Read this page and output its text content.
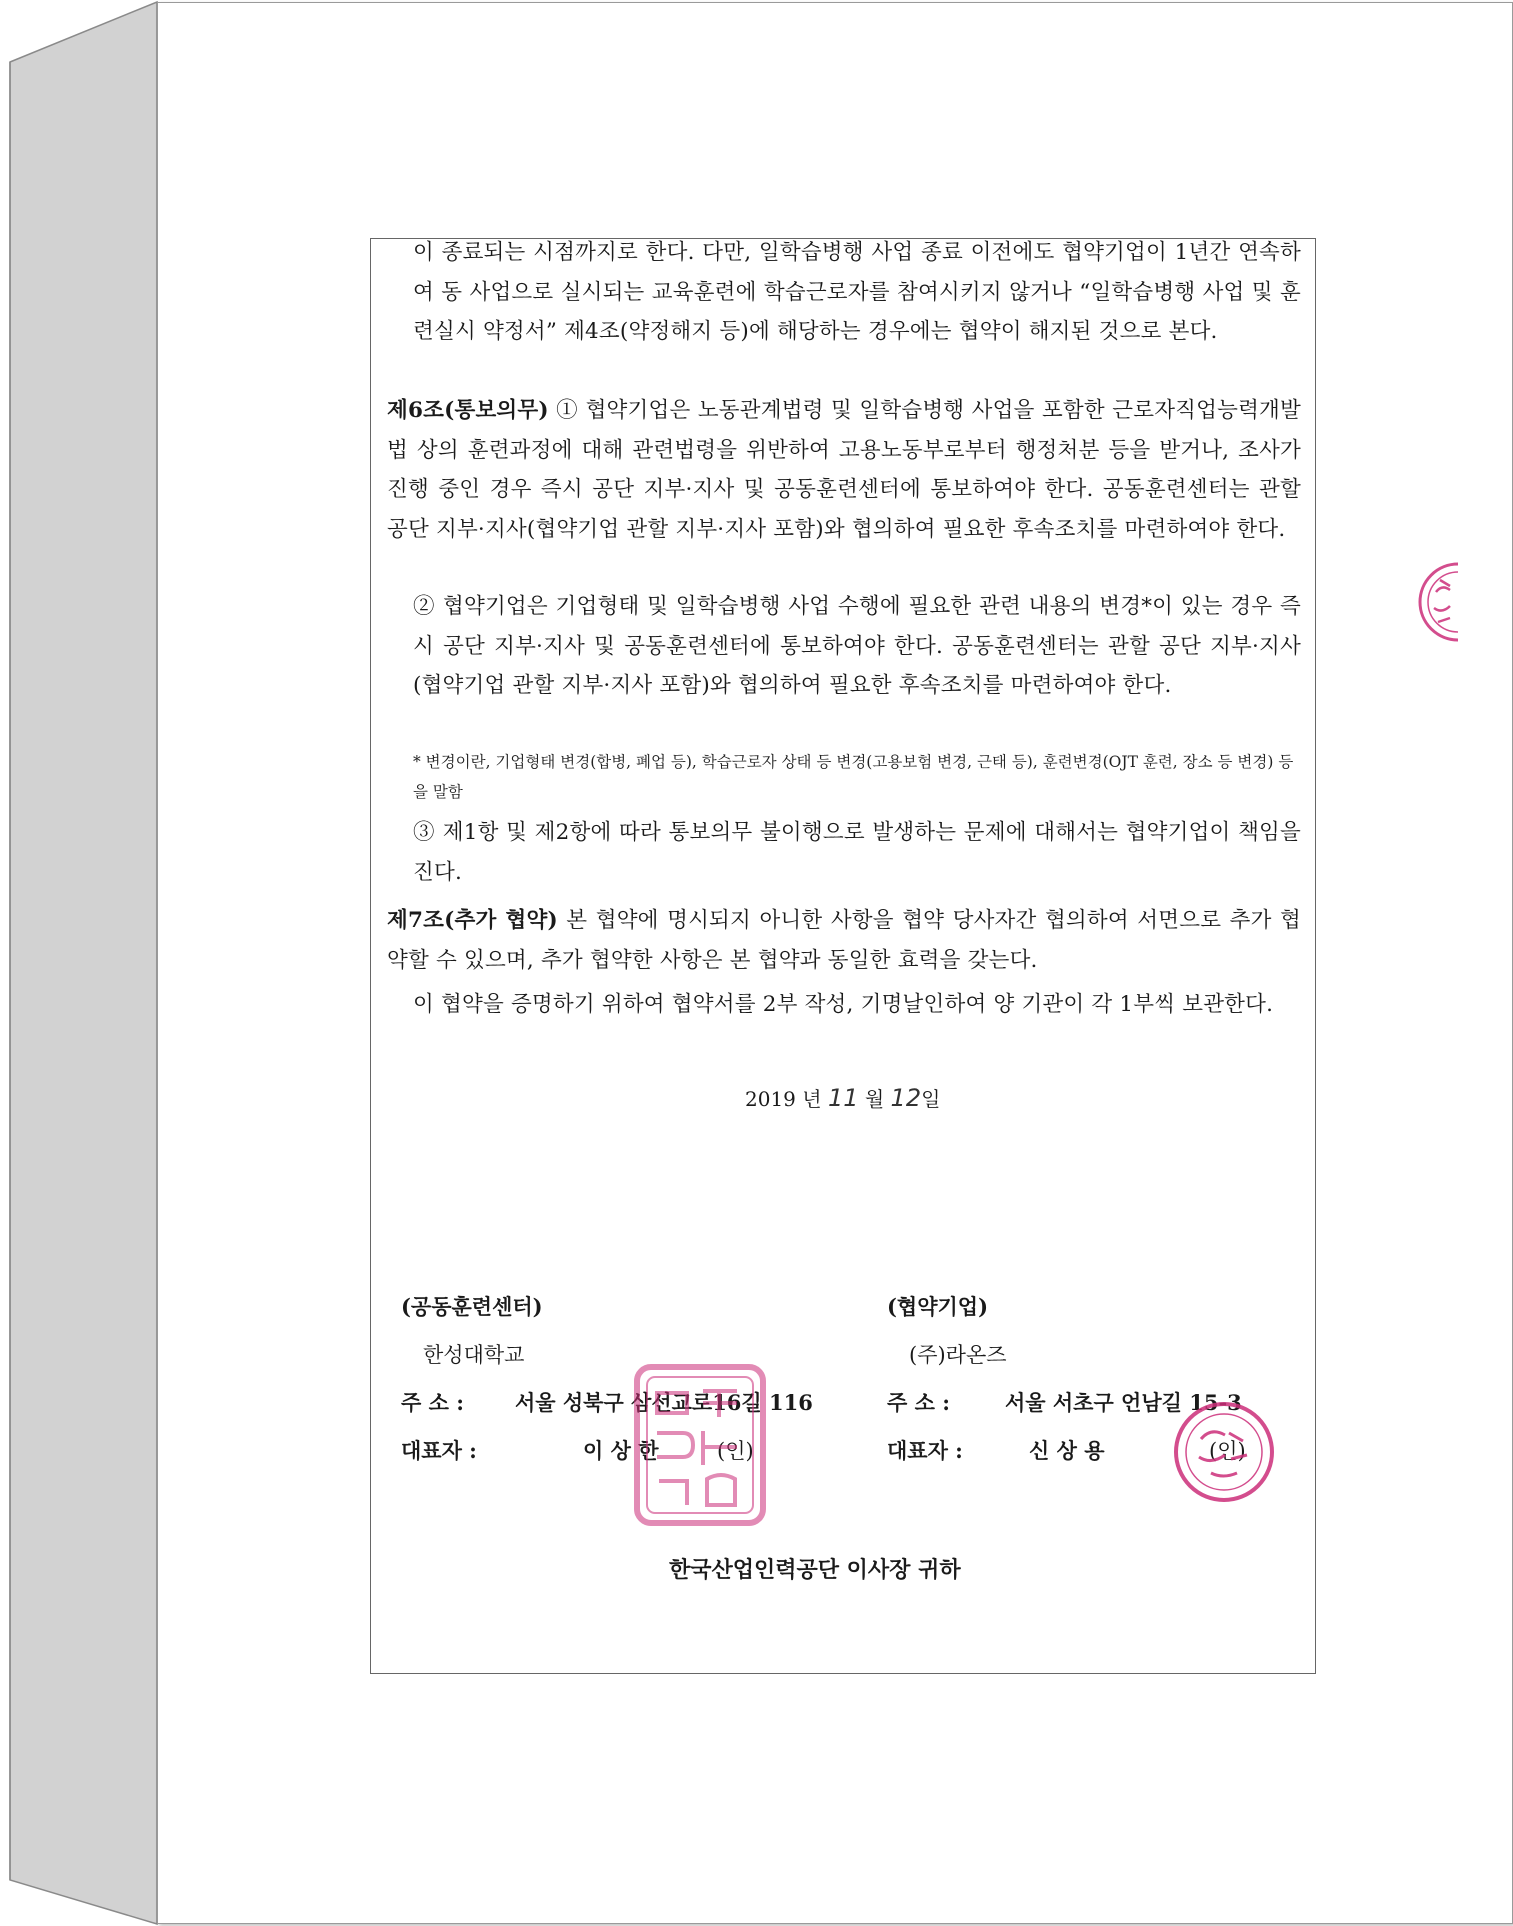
이 종료되는 시점까지로 한다. 다만, 일학습병행 사업 종료 이전에도 협약기업이 1년간 연속하여 동 사업으로 실시되는 교육훈련에 학습근로자를 참여시키지 않거나 “일학습병행 사업 및 훈련실시 약정서” 제4조(약정해지 등)에 해당하는 경우에는 협약이 해지된 것으로 본다.
제6조(통보의무) ① 협약기업은 노동관계법령 및 일학습병행 사업을 포함한 근로자직업능력개발법 상의 훈련과정에 대해 관련법령을 위반하여 고용노동부로부터 행정처분 등을 받거나, 조사가 진행 중인 경우 즉시 공단 지부·지사 및 공동훈련센터에 통보하여야 한다. 공동훈련센터는 관할 공단 지부·지사(협약기업 관할 지부·지사 포함)와 협의하여 필요한 후속조치를 마련하여야 한다.
② 협약기업은 기업형태 및 일학습병행 사업 수행에 필요한 관련 내용의 변경*이 있는 경우 즉시 공단 지부·지사 및 공동훈련센터에 통보하여야 한다. 공동훈련센터는 관할 공단 지부·지사(협약기업 관할 지부·지사 포함)와 협의하여 필요한 후속조치를 마련하여야 한다.
* 변경이란, 기업형태 변경(합병, 폐업 등), 학습근로자 상태 등 변경(고용보험 변경, 근태 등), 훈련변경(OJT 훈련, 장소 등 변경) 등을 말함
③ 제1항 및 제2항에 따라 통보의무 불이행으로 발생하는 문제에 대해서는 협약기업이 책임을 진다.
제7조(추가 협약) 본 협약에 명시되지 아니한 사항을 협약 당사자간 협의하여 서면으로 추가 협약할 수 있으며, 추가 협약한 사항은 본 협약과 동일한 효력을 갖는다.
이 협약을 증명하기 위하여 협약서를 2부 작성, 기명날인하여 양 기관이 각 1부씩 보관한다.
2019 년 11 월 12일
(공동훈련센터)
한성대학교
주 소 : 서울 성북구 삼선교로16길 116
대표자 :	이 상 한	(인)
(협약기업)
(주)라온즈
주 소 :	서울 서초구 언남길 15-3
대표자 :	신 상 용	(인)
한국산업인력공단 이사장 귀하
